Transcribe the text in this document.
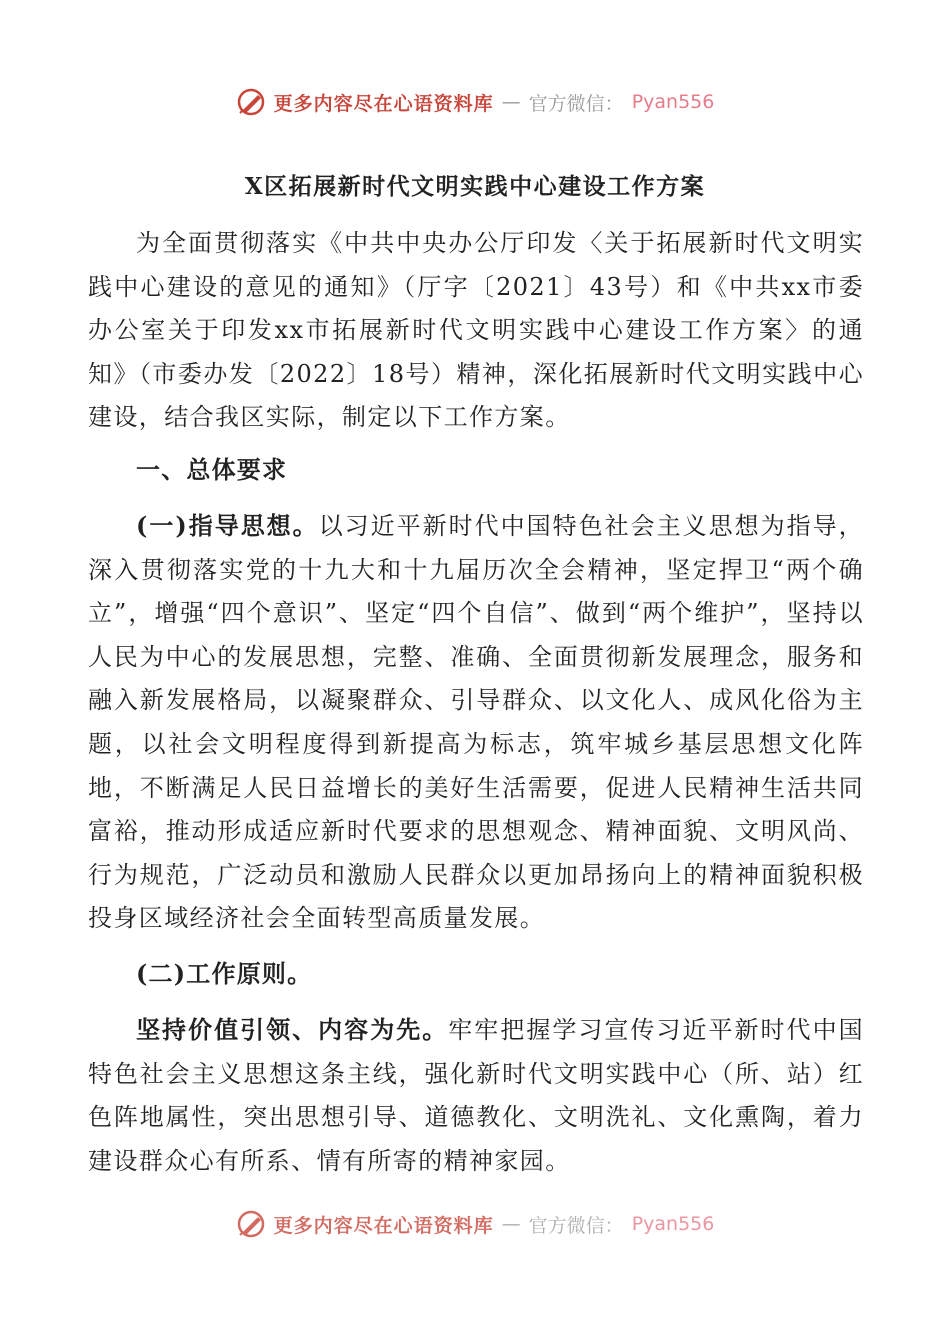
更多内容尽在心语资料库 — 官方微信： Pyan556
X区拓展新时代文明实践中心建设工作方案

为全面贯彻落实《中共中央办公厅印发〈关于拓展新时代文明实践中心建设的意见的通知》（厅字〔2021〕43号）和《中共xx市委办公室关于印发xx市拓展新时代文明实践中心建设工作方案〉的通知》（市委办发〔2022〕18号）精神，深化拓展新时代文明实践中心建设，结合我区实际，制定以下工作方案。

一、总体要求

(一)指导思想。以习近平新时代中国特色社会主义思想为指导，深入贯彻落实党的十九大和十九届历次全会精神，坚定捍卫“两个确立”，增强“四个意识”、坚定“四个自信”、做到“两个维护”，坚持以人民为中心的发展思想，完整、准确、全面贯彻新发展理念，服务和融入新发展格局，以凝聚群众、引导群众、以文化人、成风化俗为主题，以社会文明程度得到新提高为标志，筑牢城乡基层思想文化阵地，不断满足人民日益增长的美好生活需要，促进人民精神生活共同富裕，推动形成适应新时代要求的思想观念、精神面貌、文明风尚、行为规范，广泛动员和激励人民群众以更加昂扬向上的精神面貌积极投身区域经济社会全面转型高质量发展。

(二)工作原则。

坚持价值引领、内容为先。牢牢把握学习宣传习近平新时代中国特色社会主义思想这条主线，强化新时代文明实践中心（所、站）红色阵地属性，突出思想引导、道德教化、文明洗礼、文化熏陶，着力建设群众心有所系、情有所寄的精神家园。

更多内容尽在心语资料库 — 官方微信： Pyan556
